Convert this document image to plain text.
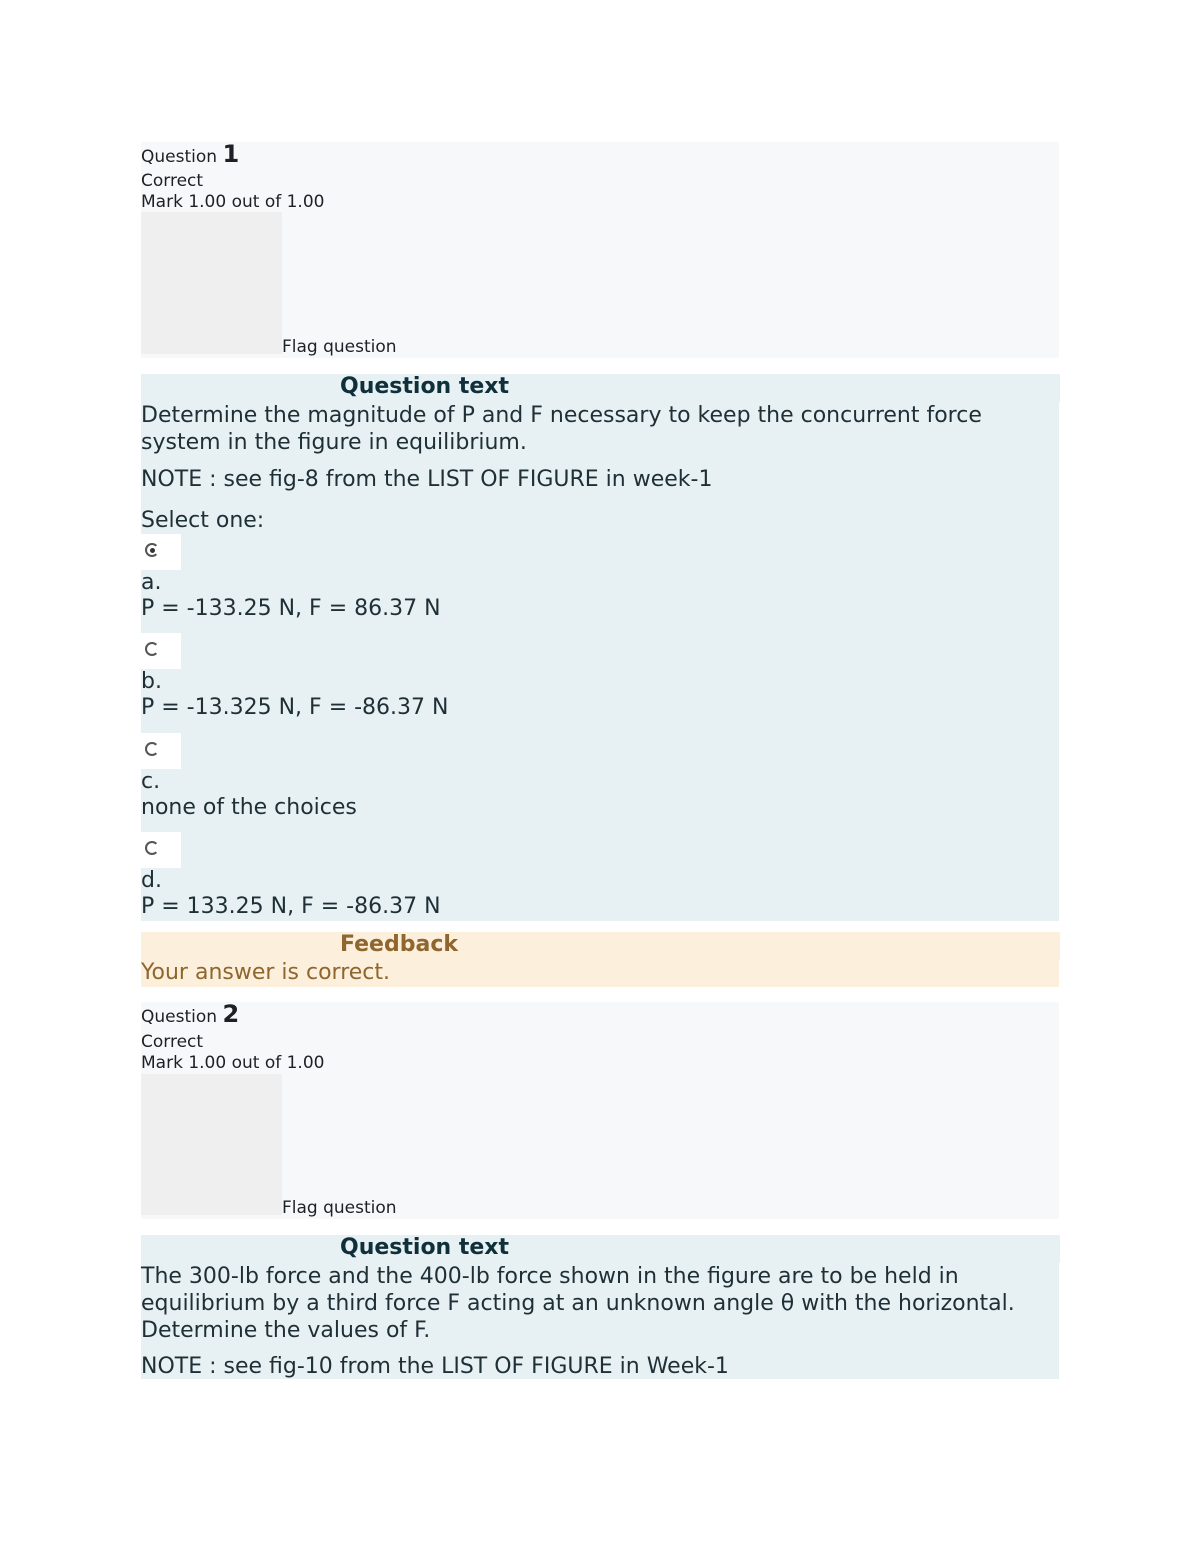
Question 1
Correct
Mark 1.00 out of 1.00
Flag question
Question text
Determine the magnitude of P and F necessary to keep the concurrent force system in the figure in equilibrium.
NOTE : see fig-8 from the LIST OF FIGURE in week-1
Select one:
a.
P = -133.25 N, F = 86.37 N
b.
P = -13.325 N, F = -86.37 N
c.
none of the choices
d.
P = 133.25 N, F = -86.37 N
Feedback
Your answer is correct.
Question 2
Correct
Mark 1.00 out of 1.00
Flag question
Question text
The 300-lb force and the 400-lb force shown in the figure are to be held in equilibrium by a third force F acting at an unknown angle θ with the horizontal. Determine the values of F.
NOTE : see fig-10 from the LIST OF FIGURE in Week-1
